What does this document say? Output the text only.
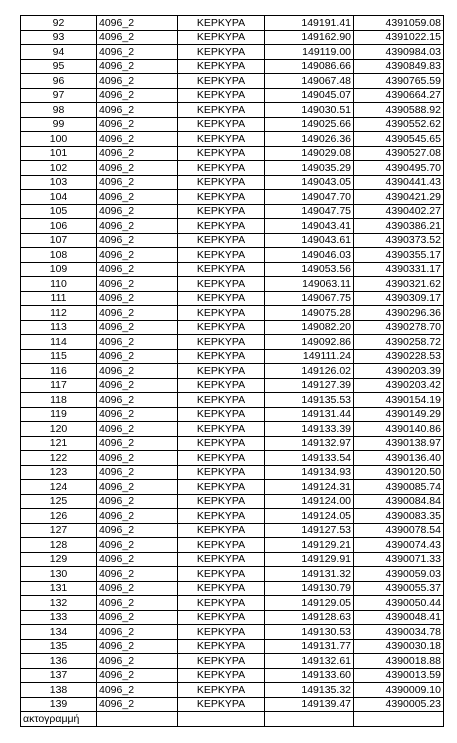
92	4096_2	ΚΕΡΚΥΡΑ	149191.41	4391059.08
93	4096_2	ΚΕΡΚΥΡΑ	149162.90	4391022.15
94	4096_2	ΚΕΡΚΥΡΑ	149119.00	4390984.03
95	4096_2	ΚΕΡΚΥΡΑ	149086.66	4390849.83
96	4096_2	ΚΕΡΚΥΡΑ	149067.48	4390765.59
97	4096_2	ΚΕΡΚΥΡΑ	149045.07	4390664.27
98	4096_2	ΚΕΡΚΥΡΑ	149030.51	4390588.92
99	4096_2	ΚΕΡΚΥΡΑ	149025.66	4390552.62
100	4096_2	ΚΕΡΚΥΡΑ	149026.36	4390545.65
101	4096_2	ΚΕΡΚΥΡΑ	149029.08	4390527.08
102	4096_2	ΚΕΡΚΥΡΑ	149035.29	4390495.70
103	4096_2	ΚΕΡΚΥΡΑ	149043.05	4390441.43
104	4096_2	ΚΕΡΚΥΡΑ	149047.70	4390421.29
105	4096_2	ΚΕΡΚΥΡΑ	149047.75	4390402.27
106	4096_2	ΚΕΡΚΥΡΑ	149043.41	4390386.21
107	4096_2	ΚΕΡΚΥΡΑ	149043.61	4390373.52
108	4096_2	ΚΕΡΚΥΡΑ	149046.03	4390355.17
109	4096_2	ΚΕΡΚΥΡΑ	149053.56	4390331.17
110	4096_2	ΚΕΡΚΥΡΑ	149063.11	4390321.62
111	4096_2	ΚΕΡΚΥΡΑ	149067.75	4390309.17
112	4096_2	ΚΕΡΚΥΡΑ	149075.28	4390296.36
113	4096_2	ΚΕΡΚΥΡΑ	149082.20	4390278.70
114	4096_2	ΚΕΡΚΥΡΑ	149092.86	4390258.72
115	4096_2	ΚΕΡΚΥΡΑ	149111.24	4390228.53
116	4096_2	ΚΕΡΚΥΡΑ	149126.02	4390203.39
117	4096_2	ΚΕΡΚΥΡΑ	149127.39	4390203.42
118	4096_2	ΚΕΡΚΥΡΑ	149135.53	4390154.19
119	4096_2	ΚΕΡΚΥΡΑ	149131.44	4390149.29
120	4096_2	ΚΕΡΚΥΡΑ	149133.39	4390140.86
121	4096_2	ΚΕΡΚΥΡΑ	149132.97	4390138.97
122	4096_2	ΚΕΡΚΥΡΑ	149133.54	4390136.40
123	4096_2	ΚΕΡΚΥΡΑ	149134.93	4390120.50
124	4096_2	ΚΕΡΚΥΡΑ	149124.31	4390085.74
125	4096_2	ΚΕΡΚΥΡΑ	149124.00	4390084.84
126	4096_2	ΚΕΡΚΥΡΑ	149124.05	4390083.35
127	4096_2	ΚΕΡΚΥΡΑ	149127.53	4390078.54
128	4096_2	ΚΕΡΚΥΡΑ	149129.21	4390074.43
129	4096_2	ΚΕΡΚΥΡΑ	149129.91	4390071.33
130	4096_2	ΚΕΡΚΥΡΑ	149131.32	4390059.03
131	4096_2	ΚΕΡΚΥΡΑ	149130.79	4390055.37
132	4096_2	ΚΕΡΚΥΡΑ	149129.05	4390050.44
133	4096_2	ΚΕΡΚΥΡΑ	149128.63	4390048.41
134	4096_2	ΚΕΡΚΥΡΑ	149130.53	4390034.78
135	4096_2	ΚΕΡΚΥΡΑ	149131.77	4390030.18
136	4096_2	ΚΕΡΚΥΡΑ	149132.61	4390018.88
137	4096_2	ΚΕΡΚΥΡΑ	149133.60	4390013.59
138	4096_2	ΚΕΡΚΥΡΑ	149135.32	4390009.10
139	4096_2	ΚΕΡΚΥΡΑ	149139.47	4390005.23
ακτογραμμή				
